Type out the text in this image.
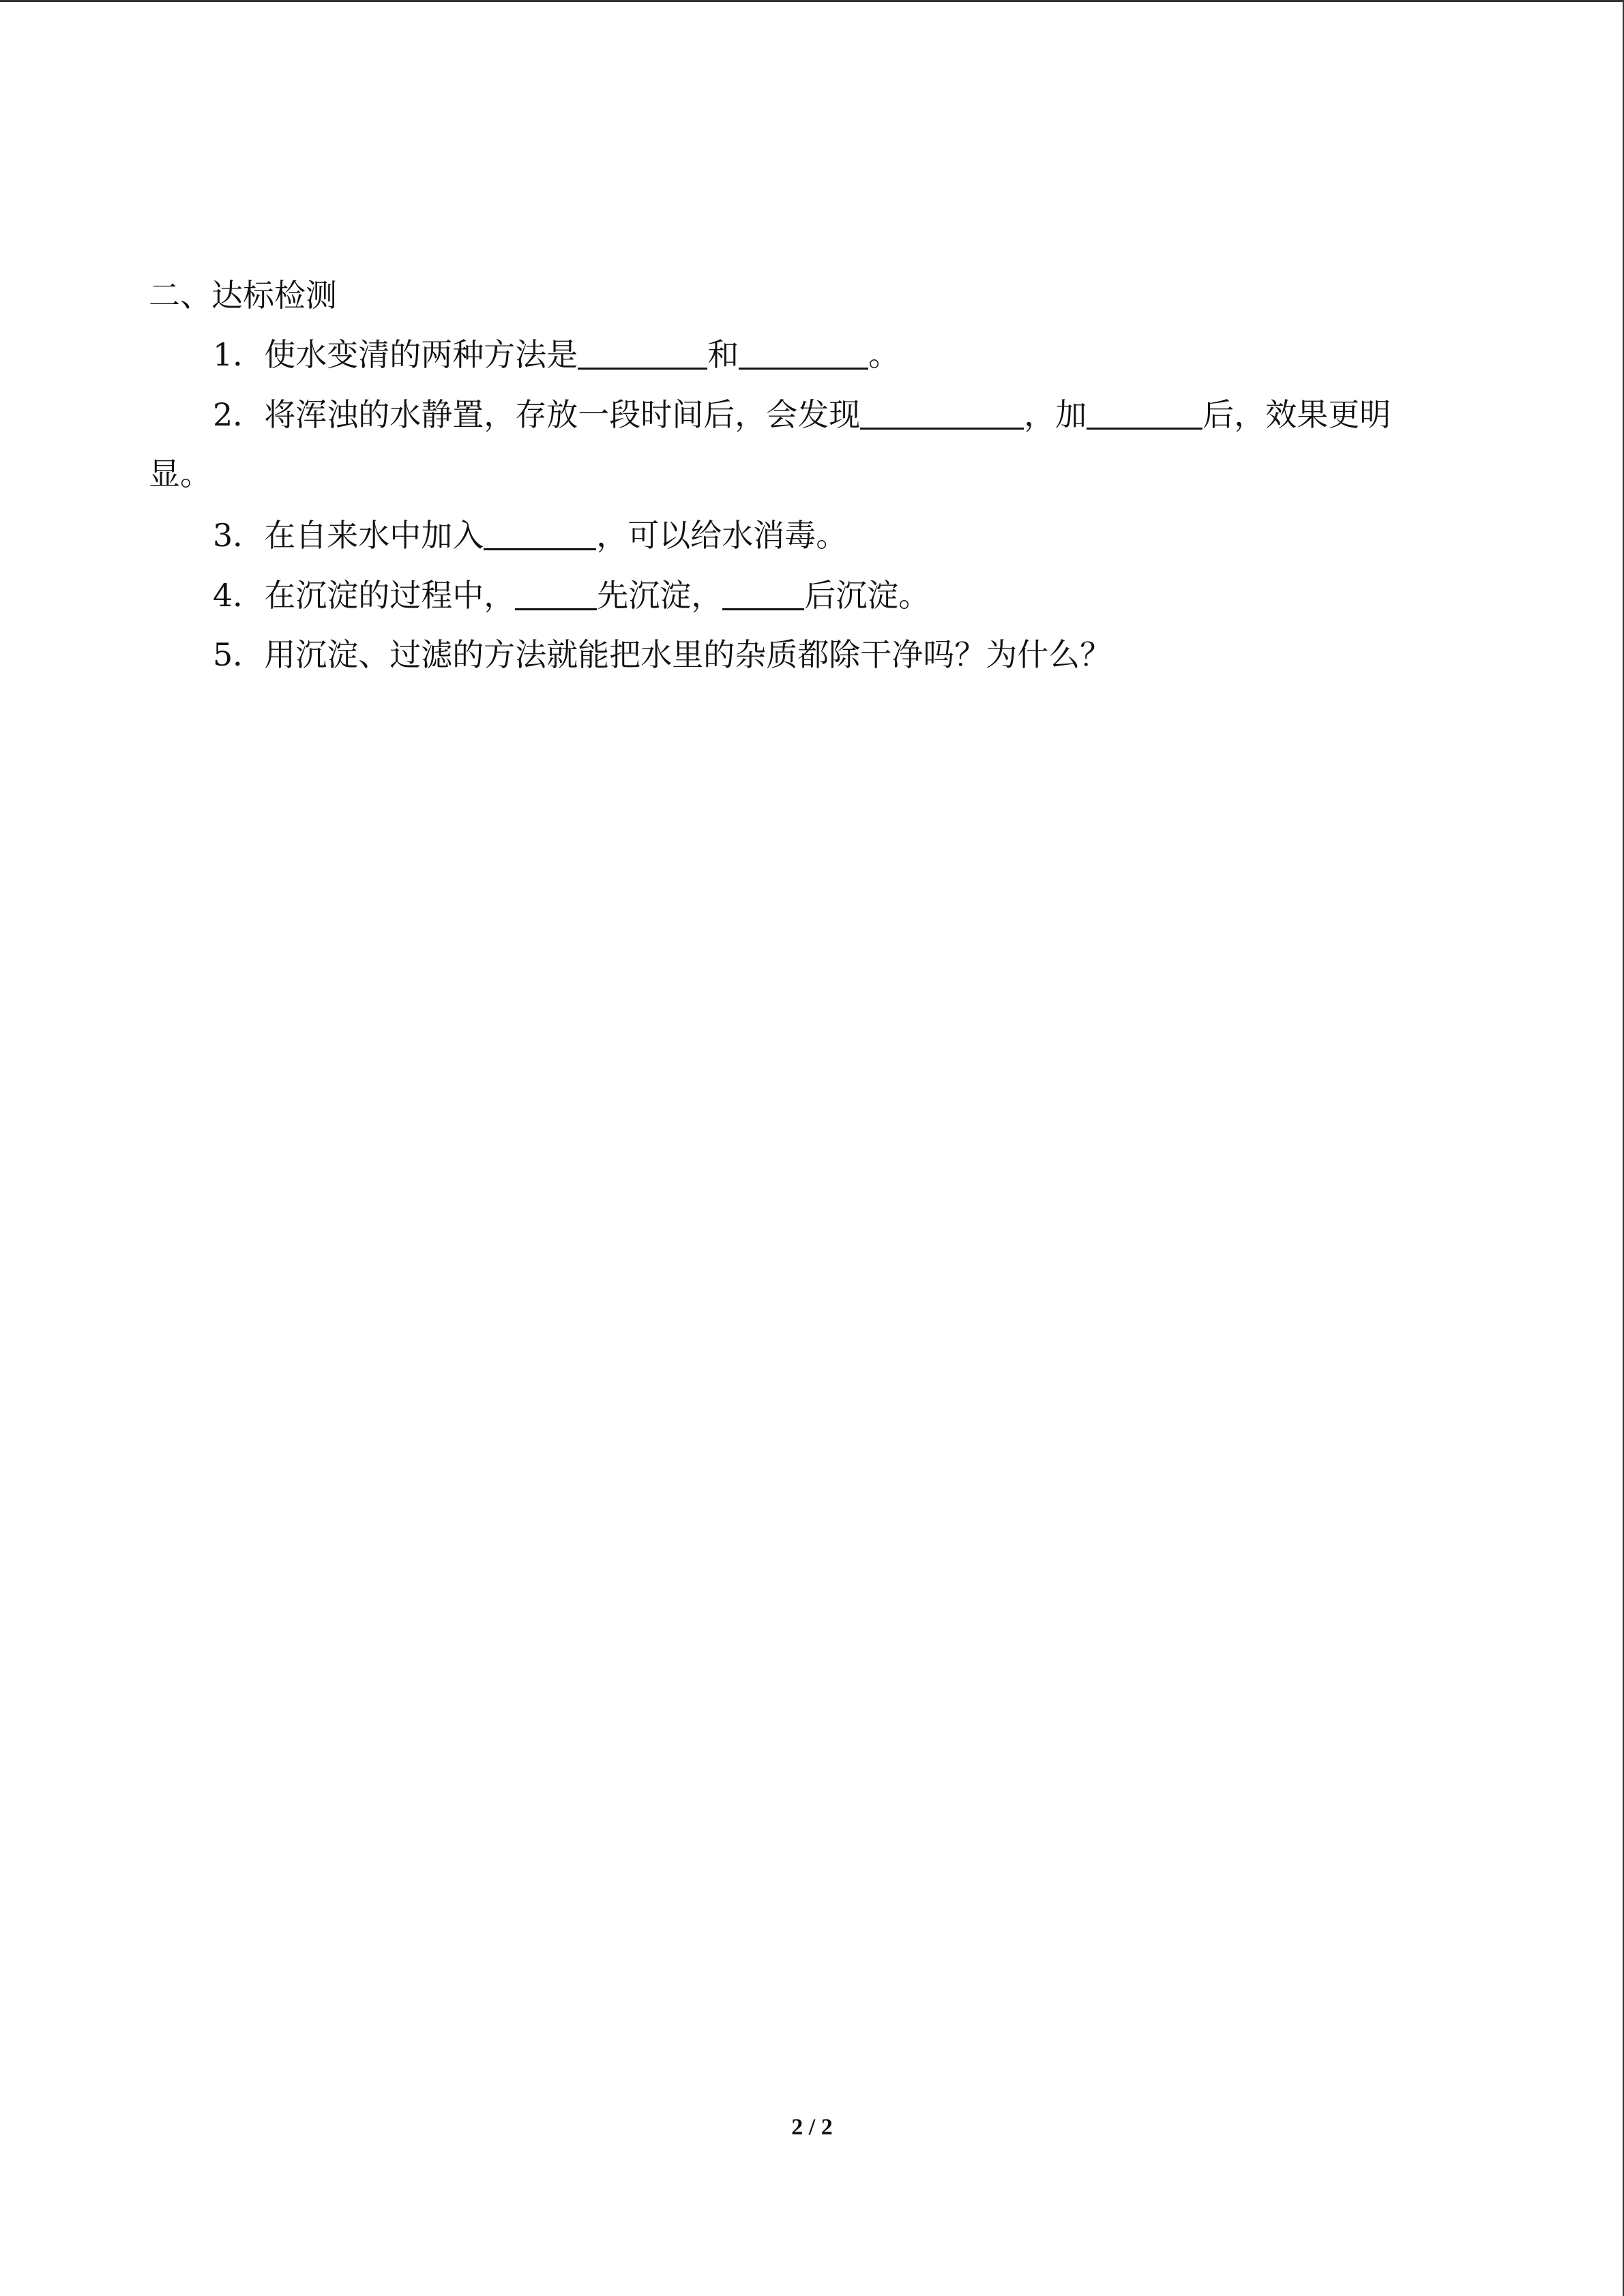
二、达标检测
1．使水变清的两种方法是	和	。
2．将浑浊的水静置，存放一段时间后，会发现	，加	后，效果更明
显。
3．在自来水中加入	，可以给水消毒。
4．在沉淀的过程中，	先沉淀，	后沉淀。
5．用沉淀、过滤的方法就能把水里的杂质都除干净吗？为什么？
2 / 2
